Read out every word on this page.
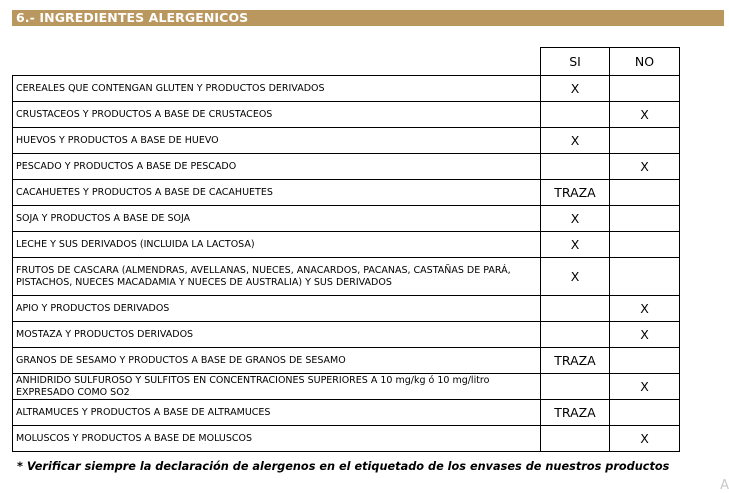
6.- INGREDIENTES ALERGENICOS
	SI	NO
CEREALES QUE CONTENGAN GLUTEN Y PRODUCTOS DERIVADOS	X	
CRUSTACEOS Y PRODUCTOS A BASE DE CRUSTACEOS		X
HUEVOS Y PRODUCTOS A BASE DE HUEVO	X	
PESCADO Y PRODUCTOS A BASE DE PESCADO		X
CACAHUETES Y PRODUCTOS A BASE DE CACAHUETES	TRAZA	
SOJA Y PRODUCTOS A BASE DE SOJA	X	
LECHE Y SUS DERIVADOS (INCLUIDA LA LACTOSA)	X	
FRUTOS DE CASCARA (ALMENDRAS, AVELLANAS, NUECES, ANACARDOS, PACANAS, CASTAÑAS DE PARÁ, PISTACHOS, NUECES MACADAMIA Y NUECES DE AUSTRALIA) Y SUS DERIVADOS	X	
APIO Y PRODUCTOS DERIVADOS		X
MOSTAZA Y PRODUCTOS DERIVADOS		X
GRANOS DE SESAMO Y PRODUCTOS A BASE DE GRANOS DE SESAMO	TRAZA	
ANHIDRIDO SULFUROSO Y SULFITOS EN CONCENTRACIONES SUPERIORES A 10 mg/kg ó 10 mg/litro EXPRESADO COMO SO2		X
ALTRAMUCES Y PRODUCTOS A BASE DE ALTRAMUCES	TRAZA	
MOLUSCOS Y PRODUCTOS A BASE DE MOLUSCOS		X
* Verificar siempre la declaración de alergenos en el etiquetado de los envases de nuestros productos
A
